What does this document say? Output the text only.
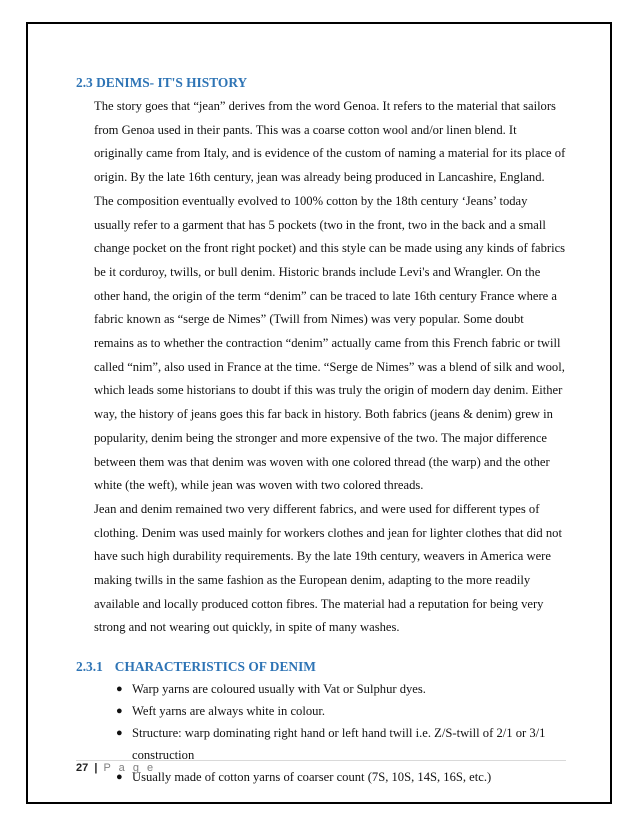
2.3 DENIMS- IT'S HISTORY
The story goes that “jean” derives from the word Genoa. It refers to the material that sailors
from Genoa used in their pants. This was a coarse cotton wool and/or linen blend. It
originally came from Italy, and is evidence of the custom of naming a material for its place of
origin. By the late 16th century, jean was already being produced in Lancashire, England.
The composition eventually evolved to 100% cotton by the 18th century ‘Jeans’ today
usually refer to a garment that has 5 pockets (two in the front, two in the back and a small
change pocket on the front right pocket) and this style can be made using any kinds of fabrics
be it corduroy, twills, or bull denim. Historic brands include Levi's and Wrangler. On the
other hand, the origin of the term “denim” can be traced to late 16th century France where a
fabric known as “serge de Nimes” (Twill from Nimes) was very popular. Some doubt
remains as to whether the contraction “denim” actually came from this French fabric or twill
called “nim”, also used in France at the time. “Serge de Nimes” was a blend of silk and wool,
which leads some historians to doubt if this was truly the origin of modern day denim. Either
way, the history of jeans goes this far back in history. Both fabrics (jeans & denim) grew in
popularity, denim being the stronger and more expensive of the two. The major difference
between them was that denim was woven with one colored thread (the warp) and the other
white (the weft), while jean was woven with two colored threads.
Jean and denim remained two very different fabrics, and were used for different types of
clothing. Denim was used mainly for workers clothes and jean for lighter clothes that did not
have such high durability requirements. By the late 19th century, weavers in America were
making twills in the same fashion as the European denim, adapting to the more readily
available and locally produced cotton fibres. The material had a reputation for being very
strong and not wearing out quickly, in spite of many washes.
2.3.1 CHARACTERISTICS OF DENIM
● Warp yarns are coloured usually with Vat or Sulphur dyes.
● Weft yarns are always white in colour.
● Structure: warp dominating right hand or left hand twill i.e. Z/S-twill of 2/1 or 3/1
construction
● Usually made of cotton yarns of coarser count (7S, 10S, 14S, 16S, etc.)
27 | P a g e
